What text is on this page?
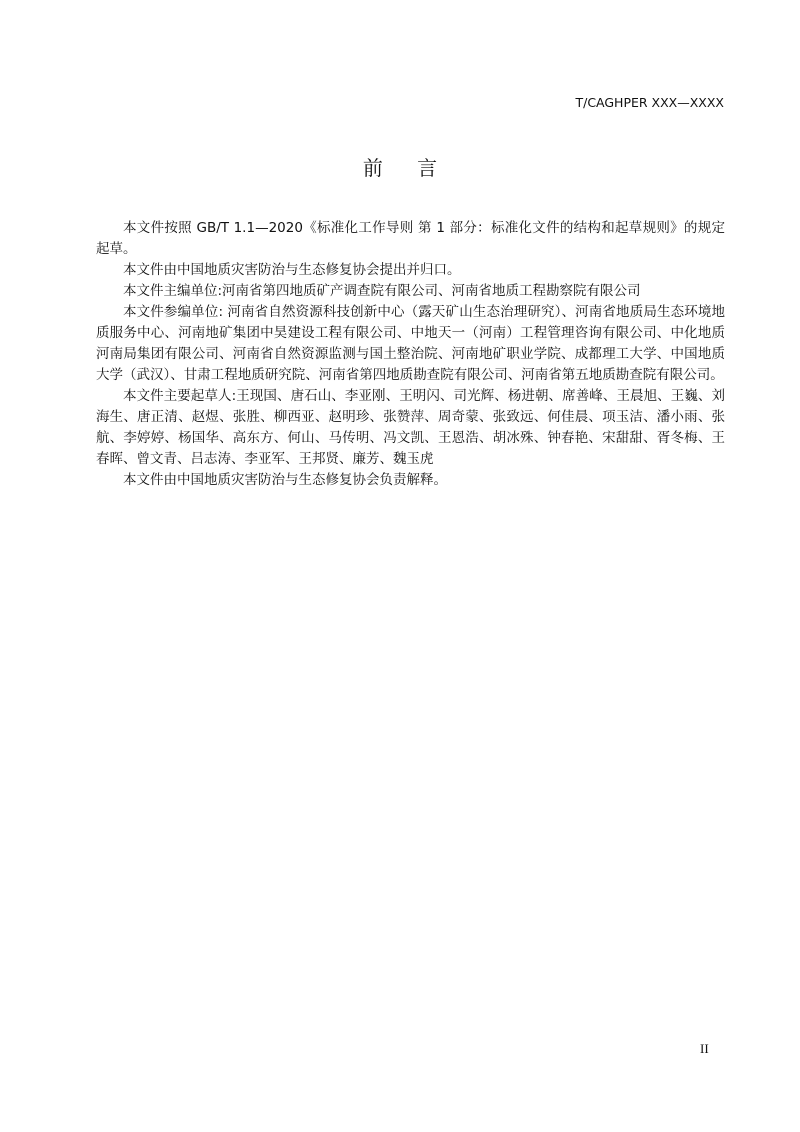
T/CAGHPER XXX—XXXX
前 言

本文件按照 GB/T 1.1—2020《标准化工作导则 第 1 部分：标准化文件的结构和起草规则》的规定起草。

本文件由中国地质灾害防治与生态修复协会提出并归口。

本文件主编单位:河南省第四地质矿产调查院有限公司、河南省地质工程勘察院有限公司

本文件参编单位: 河南省自然资源科技创新中心（露天矿山生态治理研究）、河南省地质局生态环境地质服务中心、河南地矿集团中昊建设工程有限公司、中地天一（河南）工程管理咨询有限公司、中化地质河南局集团有限公司、河南省自然资源监测与国土整治院、河南地矿职业学院、成都理工大学、中国地质大学（武汉）、甘肃工程地质研究院、河南省第四地质勘查院有限公司、河南省第五地质勘查院有限公司。

本文件主要起草人:王现国、唐石山、李亚刚、王明闪、司光辉、杨进朝、席善峰、王晨旭、王巍、刘海生、唐正清、赵煜、张胜、柳西亚、赵明珍、张赞萍、周奇蒙、张致远、何佳晨、项玉洁、潘小雨、张航、李婷婷、杨国华、高东方、何山、马传明、冯文凯、王恩浩、胡冰殊、钟春艳、宋甜甜、胥冬梅、王春晖、曾文青、吕志涛、李亚军、王邦贤、廉芳、魏玉虎

本文件由中国地质灾害防治与生态修复协会负责解释。

II
